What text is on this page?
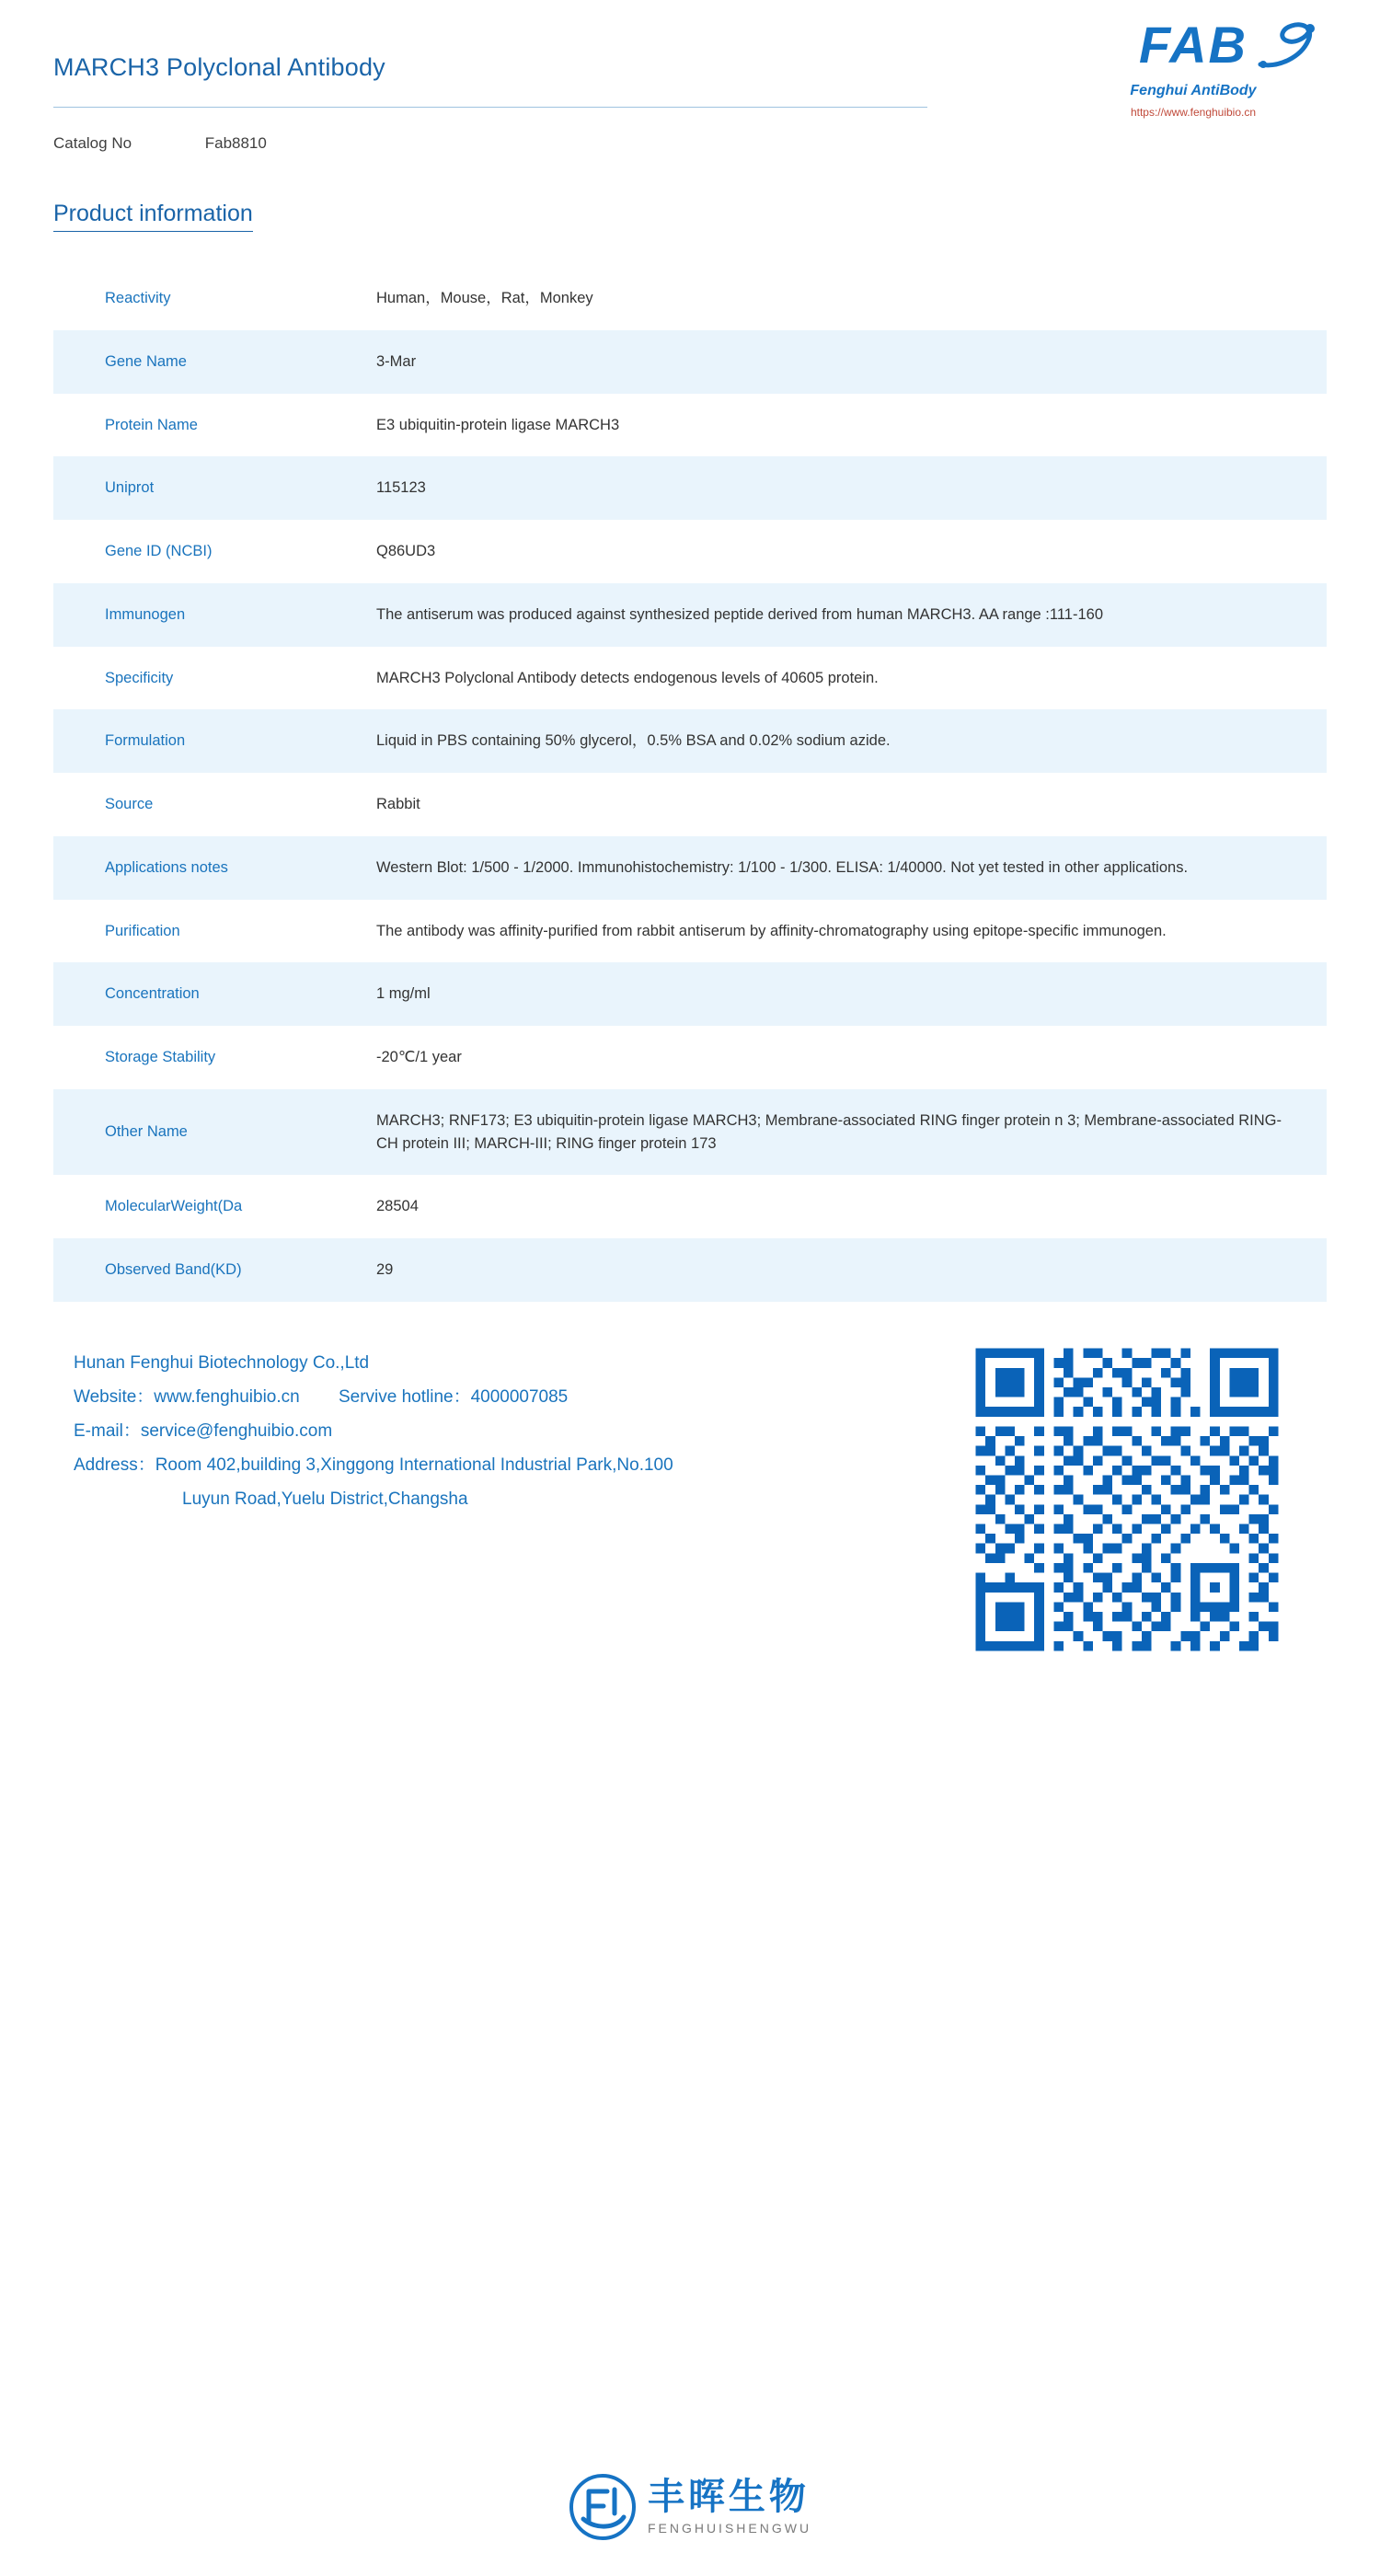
MARCH3 Polyclonal Antibody	FAB
Fenghui AntiBody
https://www.fenghuibio.cn
Catalog No	Fab8810
Product information
Reactivity	Human，Mouse，Rat，Monkey
Gene Name	3-Mar
Protein Name	E3 ubiquitin-protein ligase MARCH3
Uniprot	115123
Gene ID (NCBI)	Q86UD3
Immunogen	The antiserum was produced against synthesized peptide derived from human MARCH3. AA range :111-160
Specificity	MARCH3 Polyclonal Antibody detects endogenous levels of 40605 protein.
Formulation	Liquid in PBS containing 50% glycerol，0.5% BSA and 0.02% sodium azide.
Source	Rabbit
Applications notes	Western Blot: 1/500 - 1/2000. Immunohistochemistry: 1/100 - 1/300. ELISA: 1/40000. Not yet tested in other applications.
Purification	The antibody was affinity-purified from rabbit antiserum by affinity-chromatography using epitope-specific immunogen.
Concentration	1 mg/ml
Storage Stability	-20℃/1 year
Other Name	MARCH3; RNF173; E3 ubiquitin-protein ligase MARCH3; Membrane-associated RING finger protein n 3; Membrane-associated RING-CH protein III; MARCH-III; RING finger protein 173
MolecularWeight(Da	28504
Observed Band(KD)	29
Hunan Fenghui Biotechnology Co.,Ltd
Website：www.fenghuibio.cn        Servive hotline：4000007085
E-mail：service@fenghuibio.com
Address：Room 402,building 3,Xinggong International Industrial Park,No.100
Luyun Road,Yuelu District,Changsha
丰晖生物
FENGHUISHENGWU
